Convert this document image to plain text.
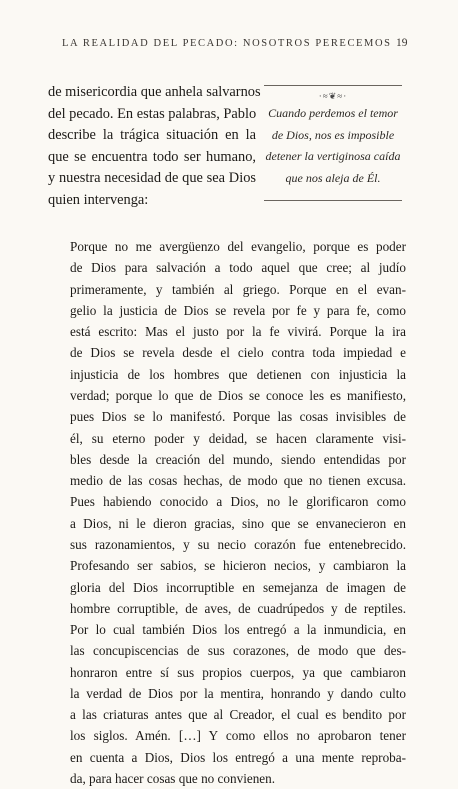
LA REALIDAD DEL PECADO: NOSOTROS PERECEMOS 19
de misericordia que anhela salvarnos
del pecado. En estas palabras, Pablo
describe la trágica situación en la
que se encuentra todo ser humano,
y nuestra necesidad de que sea Dios
quien intervenga:
·≈❦≈·
Cuando perdemos el temor
de Dios, nos es imposible
detener la vertiginosa caída
que nos aleja de Él.
Porque no me avergüenzo del evangelio, porque es poder
de Dios para salvación a todo aquel que cree; al judío
primeramente, y también al griego. Porque en el evan-
gelio la justicia de Dios se revela por fe y para fe, como
está escrito: Mas el justo por la fe vivirá. Porque la ira
de Dios se revela desde el cielo contra toda impiedad e
injusticia de los hombres que detienen con injusticia la
verdad; porque lo que de Dios se conoce les es manifiesto,
pues Dios se lo manifestó. Porque las cosas invisibles de
él, su eterno poder y deidad, se hacen claramente visi-
bles desde la creación del mundo, siendo entendidas por
medio de las cosas hechas, de modo que no tienen excusa.
Pues habiendo conocido a Dios, no le glorificaron como
a Dios, ni le dieron gracias, sino que se envanecieron en
sus razonamientos, y su necio corazón fue entenebrecido.
Profesando ser sabios, se hicieron necios, y cambiaron la
gloria del Dios incorruptible en semejanza de imagen de
hombre corruptible, de aves, de cuadrúpedos y de reptiles.
Por lo cual también Dios los entregó a la inmundicia, en
las concupiscencias de sus corazones, de modo que des-
honraron entre sí sus propios cuerpos, ya que cambiaron
la verdad de Dios por la mentira, honrando y dando culto
a las criaturas antes que al Creador, el cual es bendito por
los siglos. Amén. […] Y como ellos no aprobaron tener
en cuenta a Dios, Dios los entregó a una mente reproba-
da, para hacer cosas que no convienen.
